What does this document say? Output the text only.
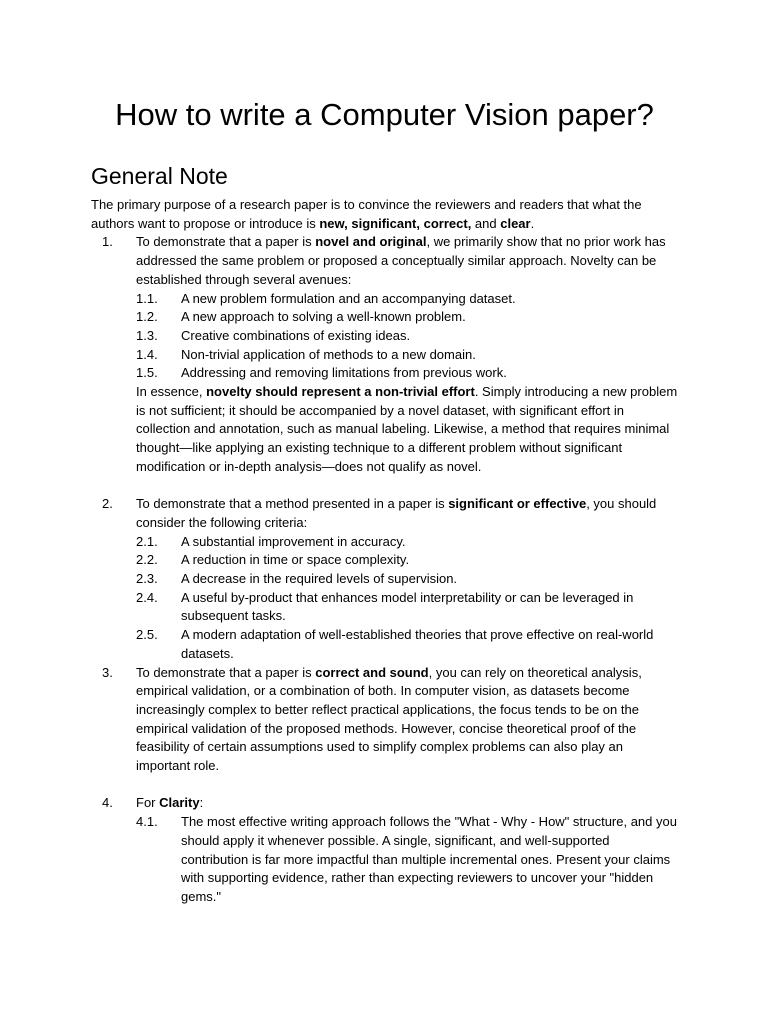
How to write a Computer Vision paper?
General Note

The primary purpose of a research paper is to convince the reviewers and readers that what the authors want to propose or introduce is new, significant, correct, and clear.

1. To demonstrate that a paper is novel and original, we primarily show that no prior work has addressed the same problem or proposed a conceptually similar approach. Novelty can be established through several avenues:
1.1. A new problem formulation and an accompanying dataset.
1.2. A new approach to solving a well-known problem.
1.3. Creative combinations of existing ideas.
1.4. Non-trivial application of methods to a new domain.
1.5. Addressing and removing limitations from previous work.
In essence, novelty should represent a non-trivial effort. Simply introducing a new problem is not sufficient; it should be accompanied by a novel dataset, with significant effort in collection and annotation, such as manual labeling. Likewise, a method that requires minimal thought—like applying an existing technique to a different problem without significant modification or in-depth analysis—does not qualify as novel.
2. To demonstrate that a method presented in a paper is significant or effective, you should consider the following criteria:
2.1. A substantial improvement in accuracy.
2.2. A reduction in time or space complexity.
2.3. A decrease in the required levels of supervision.
2.4. A useful by-product that enhances model interpretability or can be leveraged in subsequent tasks.
2.5. A modern adaptation of well-established theories that prove effective on real-world datasets.
3. To demonstrate that a paper is correct and sound, you can rely on theoretical analysis, empirical validation, or a combination of both. In computer vision, as datasets become increasingly complex to better reflect practical applications, the focus tends to be on the empirical validation of the proposed methods. However, concise theoretical proof of the feasibility of certain assumptions used to simplify complex problems can also play an important role.
4. For Clarity:
4.1. The most effective writing approach follows the "What - Why - How" structure, and you should apply it whenever possible. A single, significant, and well-supported contribution is far more impactful than multiple incremental ones. Present your claims with supporting evidence, rather than expecting reviewers to uncover your "hidden gems."
